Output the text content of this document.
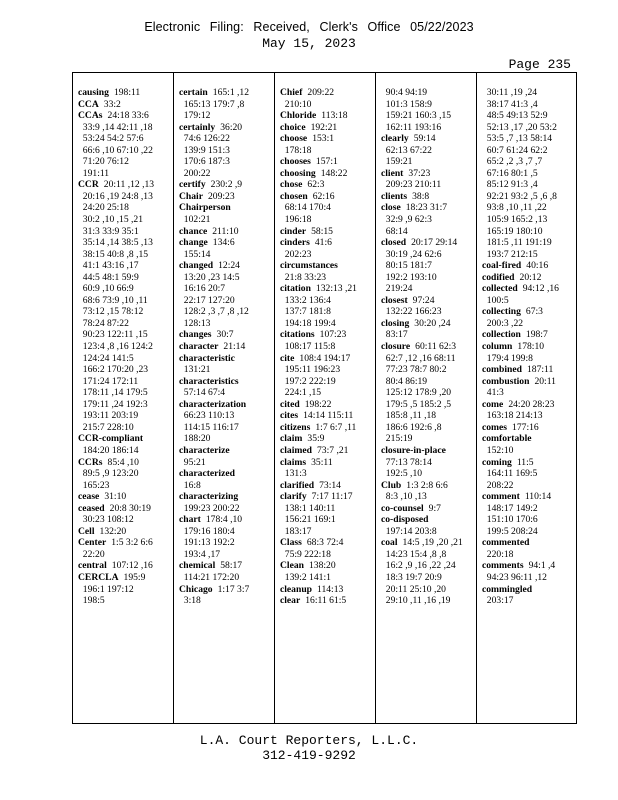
Electronic Filing: Received, Clerk's Office 05/22/2023
May 15, 2023
Page 235
causing 198:11
CCA 33:2
CCAs 24:18 33:6
33:9 ,14 42:11 ,18
53:24 54:2 57:6
66:6 ,10 67:10 ,22
71:20 76:12
191:11
CCR 20:11 ,12 ,13
20:16 ,19 24:8 ,13
24:20 25:18
30:2 ,10 ,15 ,21
31:3 33:9 35:1
35:14 ,14 38:5 ,13
38:15 40:8 ,8 ,15
41:1 43:16 ,17
44:5 48:1 59:9
60:9 ,10 66:9
68:6 73:9 ,10 ,11
73:12 ,15 78:12
78:24 87:22
90:23 122:11 ,15
123:4 ,8 ,16 124:2
124:24 141:5
166:2 170:20 ,23
171:24 172:11
178:11 ,14 179:5
179:11 ,24 192:3
193:11 203:19
215:7 228:10
CCR-compliant
184:20 186:14
CCRs 85:4 ,10
89:5 ,9 123:20
165:23
cease 31:10
ceased 20:8 30:19
30:23 108:12
Cell 132:20
Center 1:5 3:2 6:6
22:20
central 107:12 ,16
CERCLA 195:9
196:1 197:12
198:5
certain 165:1 ,12
165:13 179:7 ,8
179:12
certainly 36:20
74:6 126:22
139:9 151:3
170:6 187:3
200:22
certify 230:2 ,9
Chair 209:23
Chairperson
102:21
chance 211:10
change 134:6
155:14
changed 12:24
13:20 ,23 14:5
16:16 20:7
22:17 127:20
128:2 ,3 ,7 ,8 ,12
128:13
changes 30:7
character 21:14
characteristic
131:21
characteristics
57:14 67:4
characterization
66:23 110:13
114:15 116:17
188:20
characterize
95:21
characterized
16:8
characterizing
199:23 200:22
chart 178:4 ,10
179:16 180:4
191:13 192:2
193:4 ,17
chemical 58:17
114:21 172:20
Chicago 1:17 3:7
3:18
Chief 209:22
210:10
Chloride 113:18
choice 192:21
choose 153:1
178:18
chooses 157:1
choosing 148:22
chose 62:3
chosen 62:16
68:14 170:4
196:18
cinder 58:15
cinders 41:6
202:23
circumstances
21:8 33:23
citation 132:13 ,21
133:2 136:4
137:7 181:8
194:18 199:4
citations 107:23
108:17 115:8
cite 108:4 194:17
195:11 196:23
197:2 222:19
224:1 ,15
cited 198:22
cites 14:14 115:11
citizens 1:7 6:7 ,11
claim 35:9
claimed 73:7 ,21
claims 35:11
131:3
clarified 73:14
clarify 7:17 11:17
138:1 140:11
156:21 169:1
183:17
Class 68:3 72:4
75:9 222:18
Clean 138:20
139:2 141:1
cleanup 114:13
clear 16:11 61:5
90:4 94:19
101:3 158:9
159:21 160:3 ,15
162:11 193:16
clearly 59:14
62:13 67:22
159:21
client 37:23
209:23 210:11
clients 38:8
close 18:23 31:7
32:9 ,9 62:3
68:14
closed 20:17 29:14
30:19 ,24 62:6
80:15 181:7
192:2 193:10
219:24
closest 97:24
132:22 166:23
closing 30:20 ,24
83:17
closure 60:11 62:3
62:7 ,12 ,16 68:11
77:23 78:7 80:2
80:4 86:19
125:12 178:9 ,20
179:5 ,5 185:2 ,5
185:8 ,11 ,18
186:6 192:6 ,8
215:19
closure-in-place
77:13 78:14
192:5 ,10
Club 1:3 2:8 6:6
8:3 ,10 ,13
co-counsel 9:7
co-disposed
197:14 203:8
coal 14:5 ,19 ,20 ,21
14:23 15:4 ,8 ,8
16:2 ,9 ,16 ,22 ,24
18:3 19:7 20:9
20:11 25:10 ,20
29:10 ,11 ,16 ,19
30:11 ,19 ,24
38:17 41:3 ,4
48:5 49:13 52:9
52:13 ,17 ,20 53:2
53:5 ,7 ,13 58:14
60:7 61:24 62:2
65:2 ,2 ,3 ,7 ,7
67:16 80:1 ,5
85:12 91:3 ,4
92:21 93:2 ,5 ,6 ,8
93:8 ,10 ,11 ,22
105:9 165:2 ,13
165:19 180:10
181:5 ,11 191:19
193:7 212:15
coal-fired 40:16
codified 20:12
collected 94:12 ,16
100:5
collecting 67:3
200:3 ,22
collection 198:7
column 178:10
179:4 199:8
combined 187:11
combustion 20:11
41:3
come 24:20 28:23
163:18 214:13
comes 177:16
comfortable
152:10
coming 11:5
164:11 169:5
208:22
comment 110:14
148:17 149:2
151:10 170:6
199:5 208:24
commented
220:18
comments 94:1 ,4
94:23 96:11 ,12
commingled
203:17
L.A. Court Reporters, L.L.C.
312-419-9292
